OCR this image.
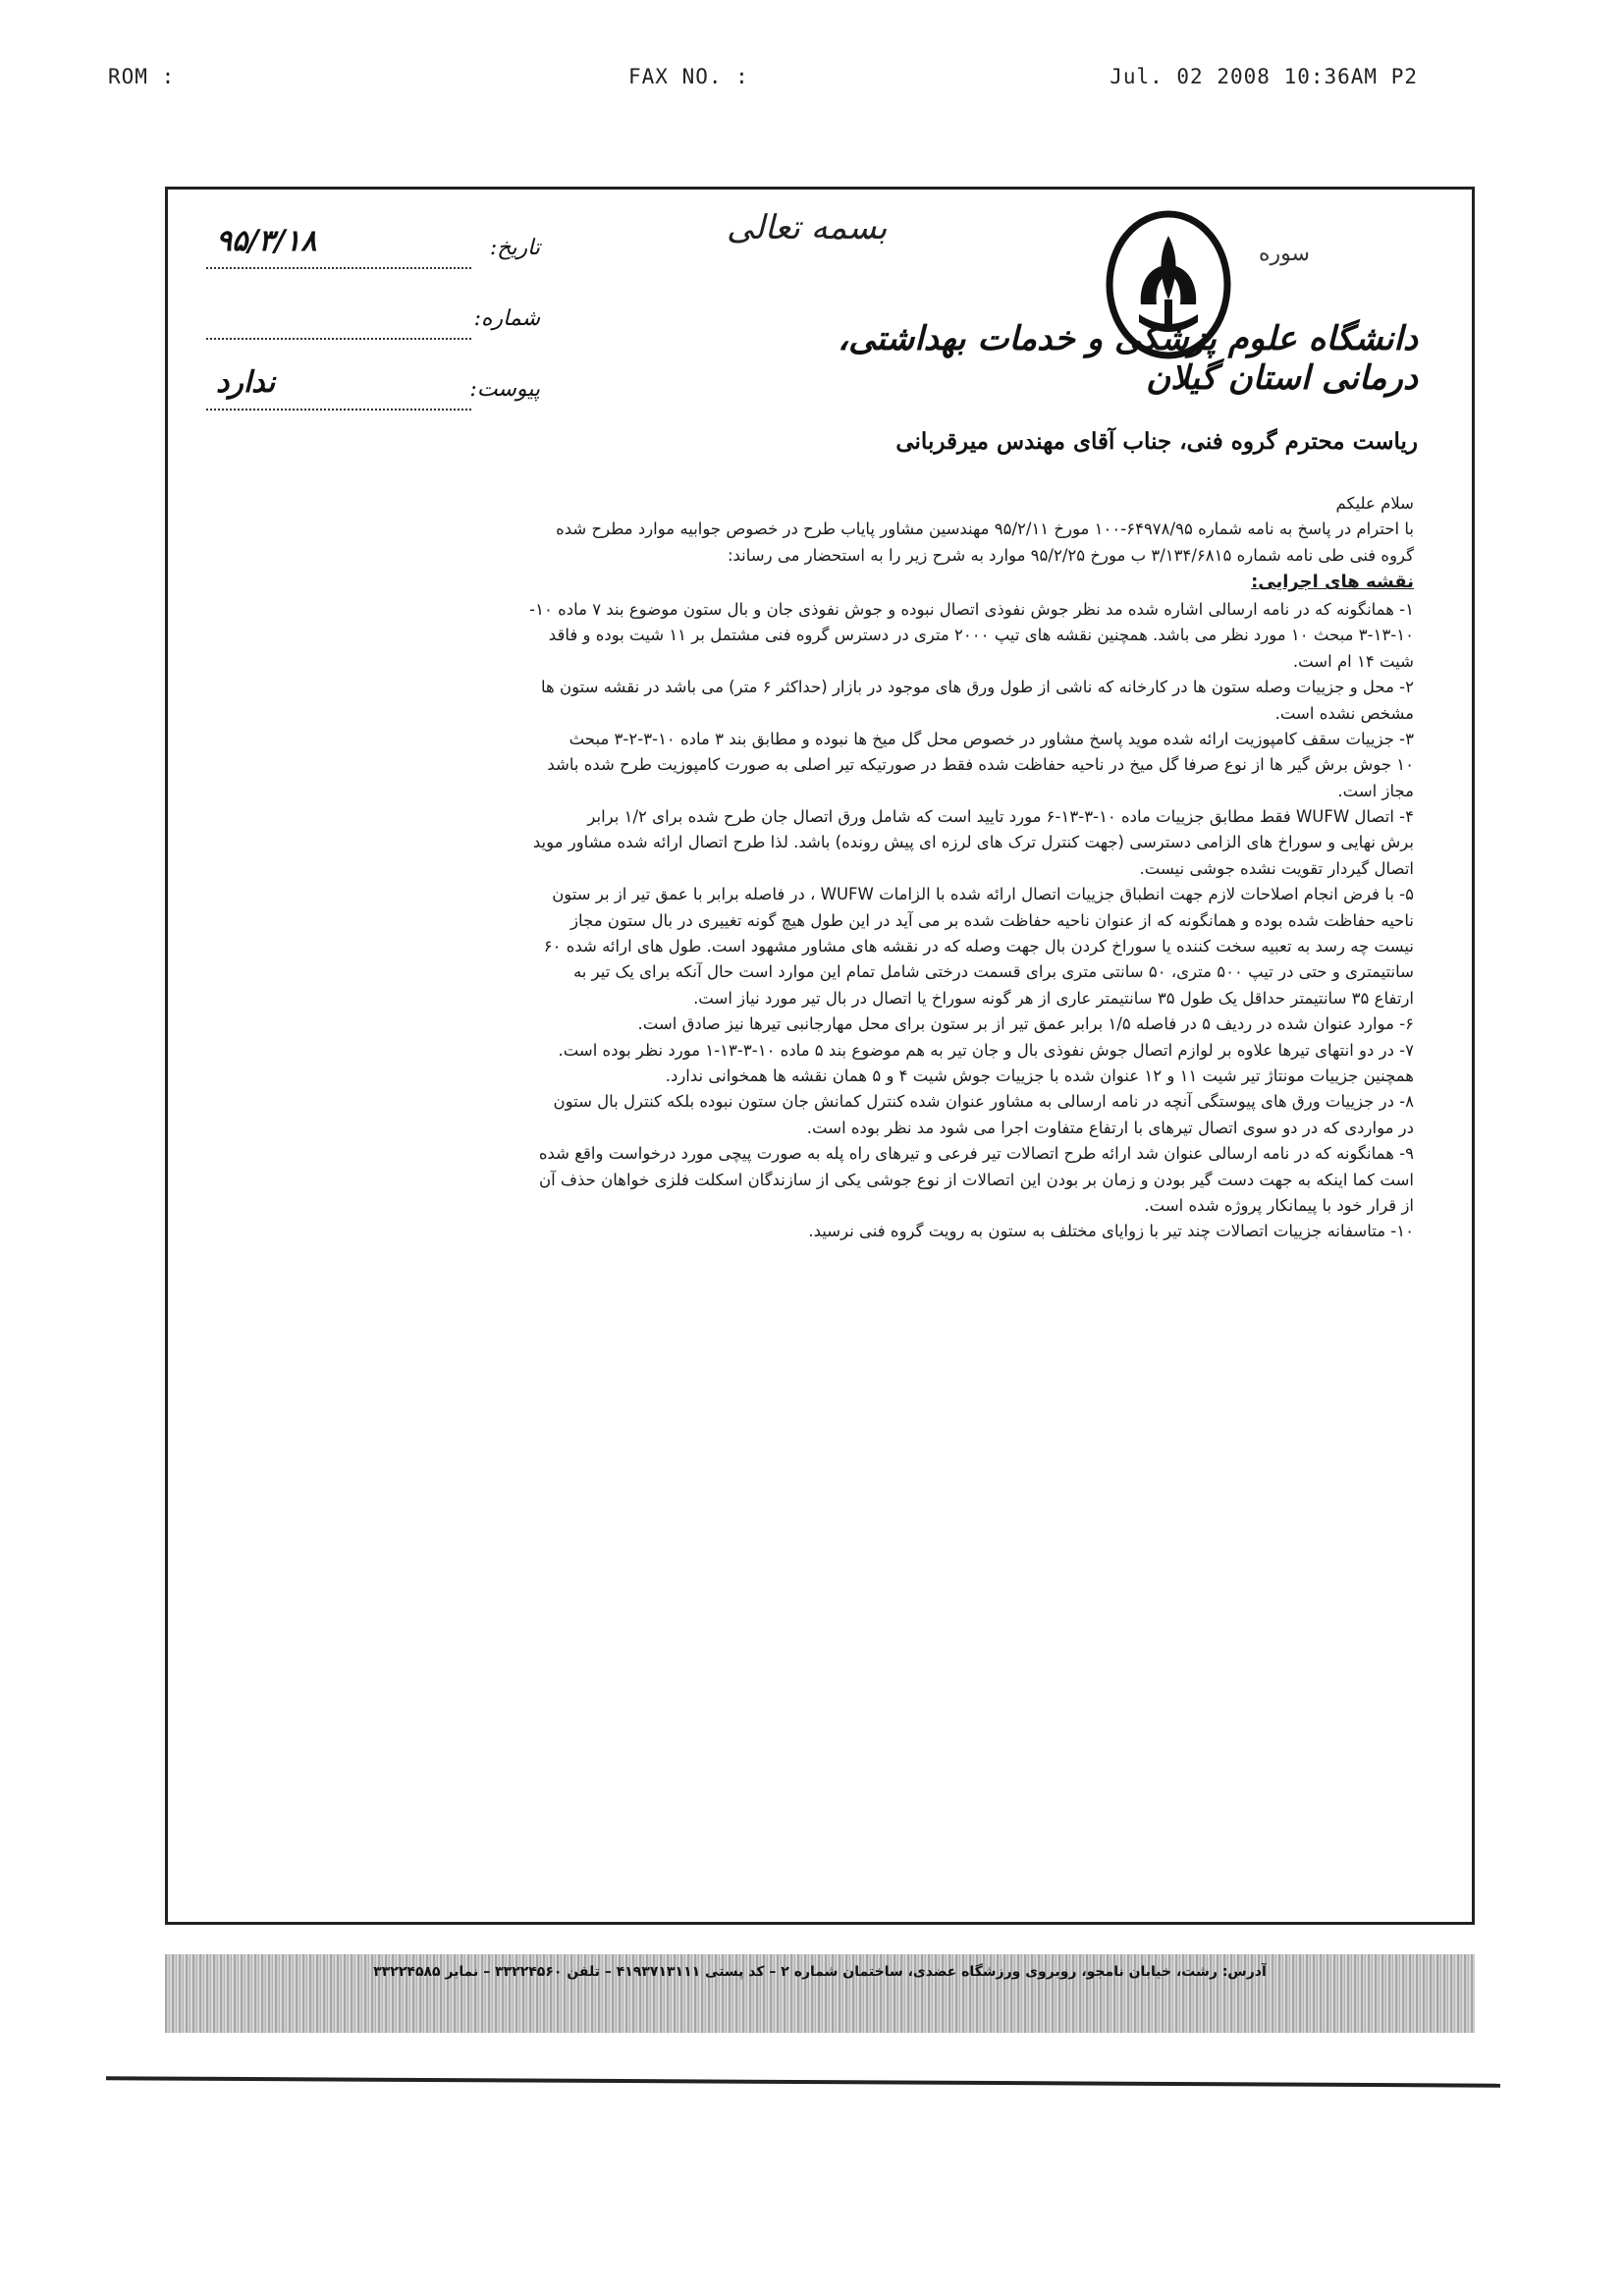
ROM :	FAX NO. :	Jul. 02 2008 10:36AM P2
سوره
بسمه تعالی
دانشگاه علوم پزشکی و خدمات بهداشتی، درمانی استان گیلان
تاریخ:
۹۵/۳/۱۸
شماره:
پیوست:
ندارد
ریاست محترم گروه فنی، جناب آقای مهندس میرقربانی

سلام علیکم

با احترام در پاسخ به نامه شماره ۶۴۹۷۸/۹۵-۱۰۰ مورخ ۹۵/۲/۱۱ مهندسین مشاور پایاب طرح در خصوص جوابیه موارد مطرح شده

گروه فنی طی نامه شماره ۳/۱۳۴/۶۸۱۵ ب مورخ ۹۵/۲/۲۵ موارد به شرح زیر را به استحضار می رساند:

نقشه های اجرایی:

۱- همانگونه که در نامه ارسالی اشاره شده مد نظر جوش نفوذی اتصال نبوده و جوش نفوذی جان و بال ستون موضوع بند ۷ ماده ۱۰-

۳-۱۳-۱۰ مبحث ۱۰ مورد نظر می باشد. همچنین نقشه های تیپ ۲۰۰۰ متری در دسترس گروه فنی مشتمل بر ۱۱ شیت بوده و فاقد

شیت ۱۴ ام است.

۲- محل و جزییات وصله ستون ها در کارخانه که ناشی از طول ورق های موجود در بازار (حداکثر ۶ متر) می باشد در نقشه ستون ها

مشخص نشده است.

۳- جزییات سقف کامپوزیت ارائه شده موید پاسخ مشاور در خصوص محل گل میخ ها نبوده و مطابق بند ۳ ماده ۱۰-۳-۲-۳ مبحث

۱۰ جوش برش گیر ها از نوع صرفا گل میخ در ناحیه حفاظت شده فقط در صورتیکه تیر اصلی به صورت کامپوزیت طرح شده باشد

مجاز است.

۴- اتصال WUFW فقط مطابق جزییات ماده ۱۰-۳-۱۳-۶ مورد تایید است که شامل ورق اتصال جان طرح شده برای ۱/۲ برابر

برش نهایی و سوراخ های الزامی دسترسی (جهت کنترل ترک های لرزه ای پیش رونده) باشد. لذا طرح اتصال ارائه شده مشاور موید

اتصال گیردار تقویت نشده جوشی نیست.

۵- با فرض انجام اصلاحات لازم جهت انطباق جزییات اتصال ارائه شده با الزامات WUFW ، در فاصله برابر با عمق تیر از بر ستون

ناحیه حفاظت شده بوده و همانگونه که از عنوان ناحیه حفاظت شده بر می آید در این طول هیچ گونه تغییری در بال ستون مجاز

نیست چه رسد به تعبیه سخت کننده یا سوراخ کردن بال جهت وصله که در نقشه های مشاور مشهود است. طول های ارائه شده ۶۰

سانتیمتری و حتی در تیپ ۵۰۰ متری، ۵۰ سانتی متری برای قسمت درختی شامل تمام این موارد است حال آنکه برای یک تیر به

ارتفاع ۳۵ سانتیمتر حداقل یک طول ۳۵ سانتیمتر عاری از هر گونه سوراخ یا اتصال در بال تیر مورد نیاز است.

۶- موارد عنوان شده در ردیف ۵ در فاصله ۱/۵ برابر عمق تیر از بر ستون برای محل مهارجانبی تیرها نیز صادق است.

۷- در دو انتهای تیرها علاوه بر لوازم اتصال جوش نفوذی بال و جان تیر به هم موضوع بند ۵ ماده ۱۰-۳-۱۳-۱ مورد نظر بوده است.

همچنین جزییات مونتاژ تیر شیت ۱۱ و ۱۲ عنوان شده با جزییات جوش شیت ۴ و ۵ همان نقشه ها همخوانی ندارد.

۸- در جزییات ورق های پیوستگی آنچه در نامه ارسالی به مشاور عنوان شده کنترل کمانش جان ستون نبوده بلکه کنترل بال ستون

در مواردی که در دو سوی اتصال تیرهای با ارتفاع متفاوت اجرا می شود مد نظر بوده است.

۹- همانگونه که در نامه ارسالی عنوان شد ارائه طرح اتصالات تیر فرعی و تیرهای راه پله به صورت پیچی مورد درخواست واقع شده

است کما اینکه به جهت دست گیر بودن و زمان بر بودن این اتصالات از نوع جوشی یکی از سازندگان اسکلت فلزی خواهان حذف آن

از قرار خود با پیمانکار پروژه شده است.

۱۰- متاسفانه جزییات اتصالات چند تیر با زوایای مختلف به ستون به رویت گروه فنی نرسید.

آدرس: رشت، خیابان نامجو، روبروی ورزشگاه عضدی، ساختمان شماره ۲ – کد پستی ۴۱۹۳۷۱۳۱۱۱ – تلفن ۳۳۲۲۴۵۶۰ – نمابر ۳۳۲۲۴۵۸۵
